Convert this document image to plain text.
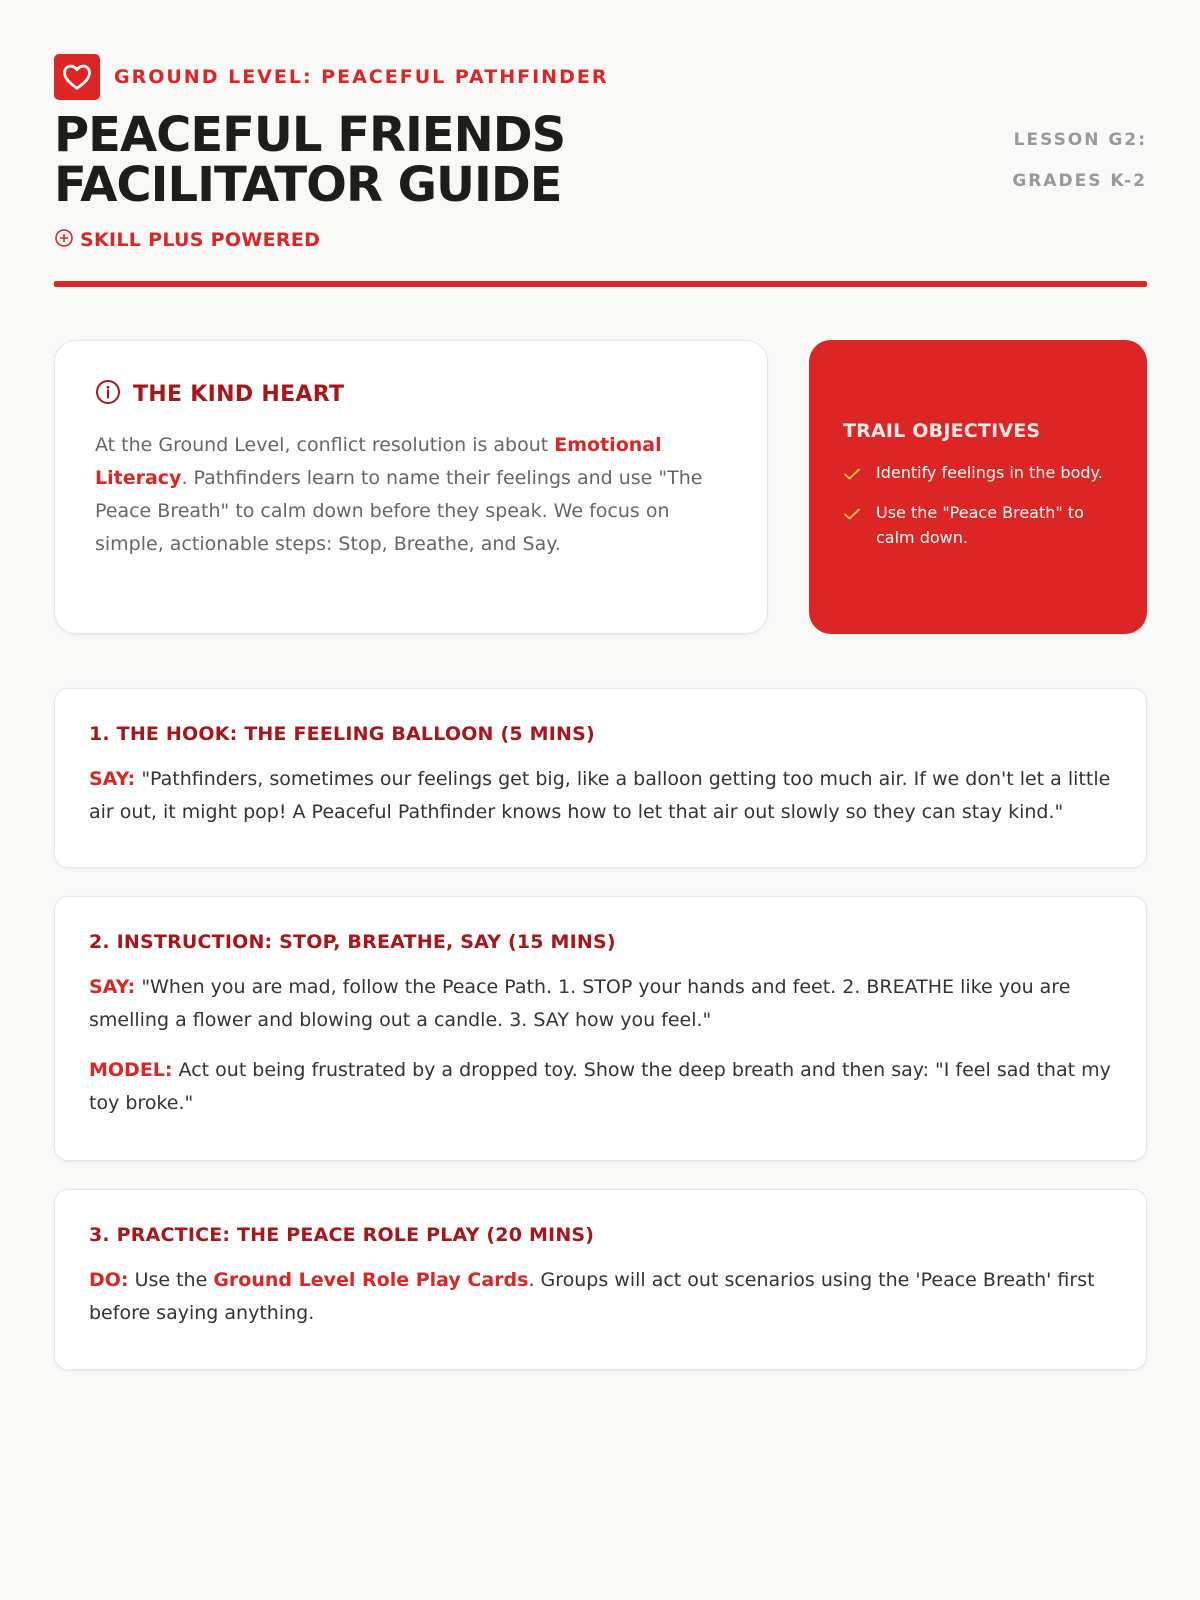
GROUND LEVEL: PEACEFUL PATHFINDER
PEACEFUL FRIENDS
FACILITATOR GUIDE
SKILL PLUS POWERED
LESSON G2:
GRADES K-2
THE KIND HEART

At the Ground Level, conflict resolution is about Emotional Literacy. Pathfinders learn to name their feelings and use "The Peace Breath" to calm down before they speak. We focus on simple, actionable steps: Stop, Breathe, and Say.

TRAIL OBJECTIVES
Identify feelings in the body.
Use the "Peace Breath" to calm down.
1. THE HOOK: THE FEELING BALLOON (5 MINS)

SAY: "Pathfinders, sometimes our feelings get big, like a balloon getting too much air. If we don't let a little air out, it might pop! A Peaceful Pathfinder knows how to let that air out slowly so they can stay kind."

2. INSTRUCTION: STOP, BREATHE, SAY (15 MINS)

SAY: "When you are mad, follow the Peace Path. 1. STOP your hands and feet. 2. BREATHE like you are smelling a flower and blowing out a candle. 3. SAY how you feel."

MODEL: Act out being frustrated by a dropped toy. Show the deep breath and then say: "I feel sad that my toy broke."

3. PRACTICE: THE PEACE ROLE PLAY (20 MINS)

DO: Use the Ground Level Role Play Cards. Groups will act out scenarios using the 'Peace Breath' first before saying anything.
